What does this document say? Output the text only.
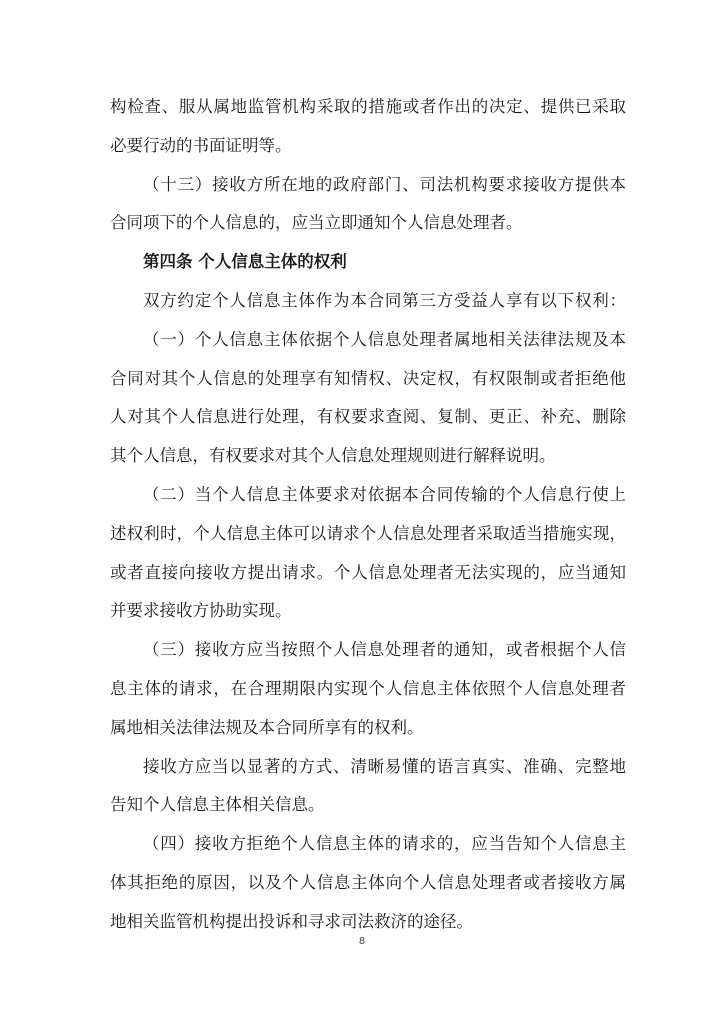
构检查、服从属地监管机构采取的措施或者作出的决定、提供已采取
必要行动的书面证明等。
（十三）接收方所在地的政府部门、司法机构要求接收方提供本
合同项下的个人信息的，应当立即通知个人信息处理者。
第四条 个人信息主体的权利
双方约定个人信息主体作为本合同第三方受益人享有以下权利：
（一）个人信息主体依据个人信息处理者属地相关法律法规及本
合同对其个人信息的处理享有知情权、决定权，有权限制或者拒绝他
人对其个人信息进行处理，有权要求查阅、复制、更正、补充、删除
其个人信息，有权要求对其个人信息处理规则进行解释说明。
（二）当个人信息主体要求对依据本合同传输的个人信息行使上
述权利时，个人信息主体可以请求个人信息处理者采取适当措施实现，
或者直接向接收方提出请求。个人信息处理者无法实现的，应当通知
并要求接收方协助实现。
（三）接收方应当按照个人信息处理者的通知，或者根据个人信
息主体的请求，在合理期限内实现个人信息主体依照个人信息处理者
属地相关法律法规及本合同所享有的权利。
接收方应当以显著的方式、清晰易懂的语言真实、准确、完整地
告知个人信息主体相关信息。
（四）接收方拒绝个人信息主体的请求的，应当告知个人信息主
体其拒绝的原因，以及个人信息主体向个人信息处理者或者接收方属
地相关监管机构提出投诉和寻求司法救济的途径。
8
